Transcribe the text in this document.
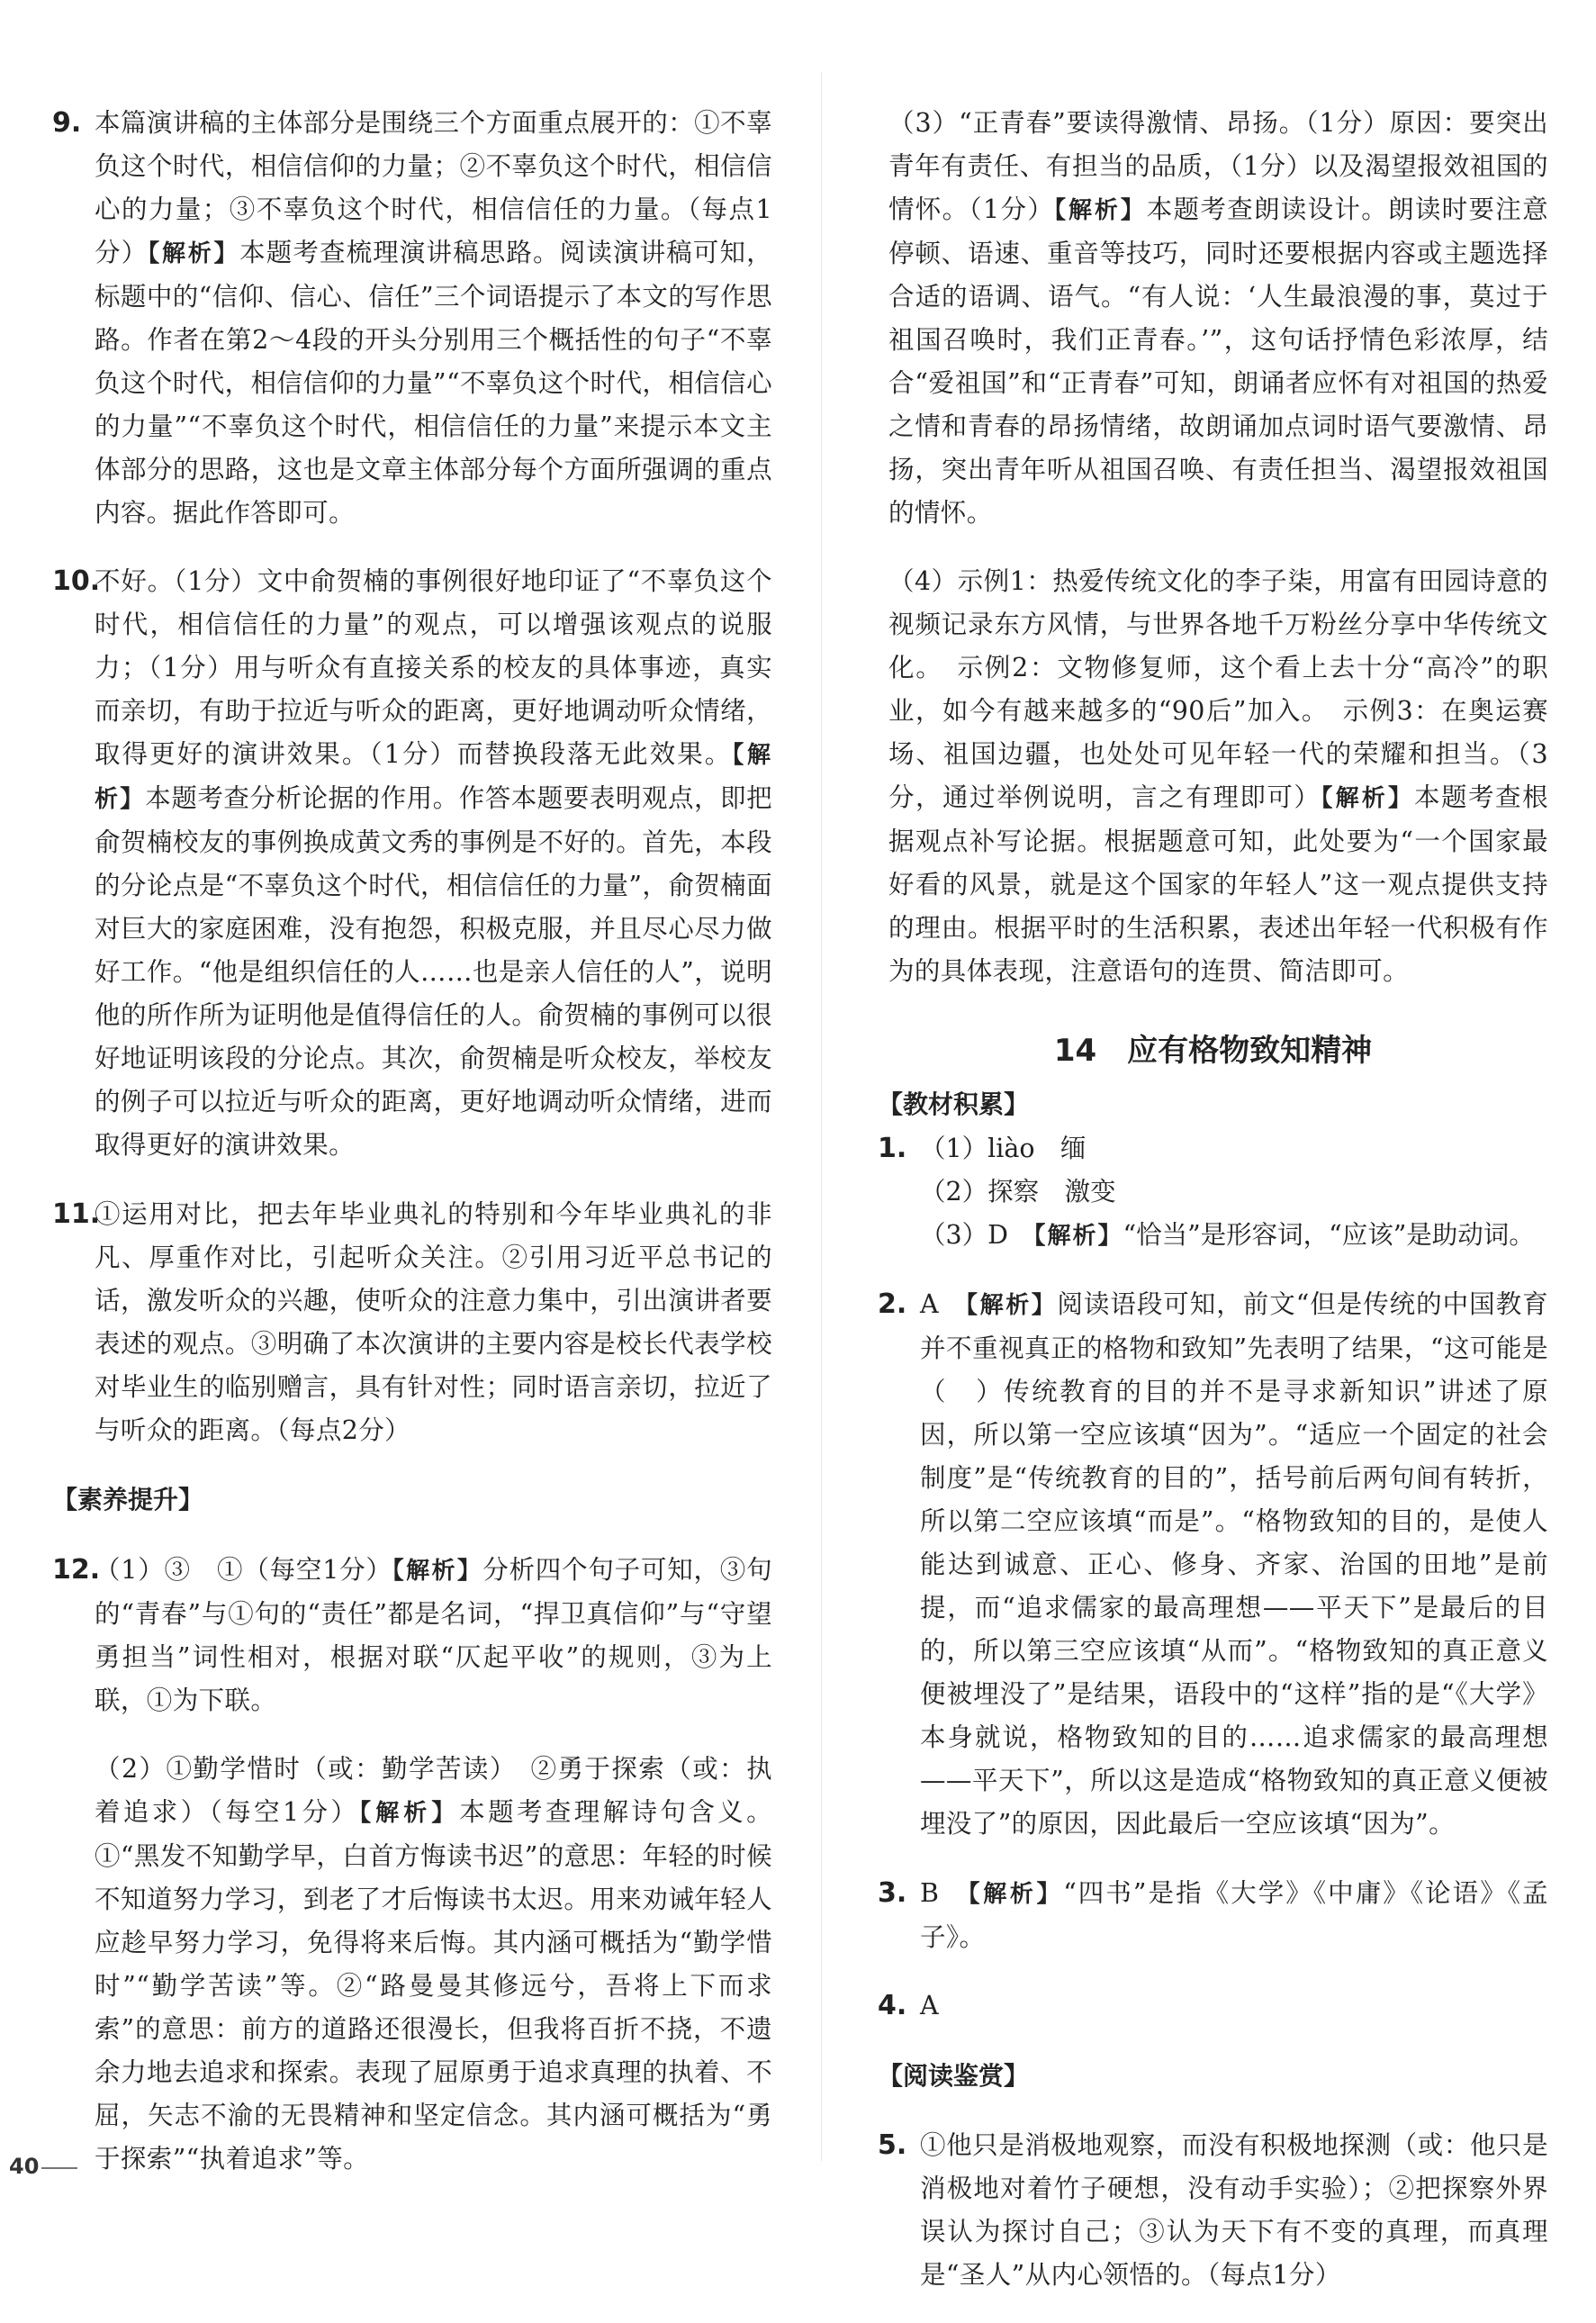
9. 本篇演讲稿的主体部分是围绕三个方面重点展开的：①不辜负这个时代，相信信仰的力量；②不辜负这个时代，相信信心的力量；③不辜负这个时代，相信信任的力量。（每点1分）【解析】本题考查梳理演讲稿思路。阅读演讲稿可知，标题中的“信仰、信心、信任”三个词语提示了本文的写作思路。作者在第2～4段的开头分别用三个概括性的句子“不辜负这个时代，相信信仰的力量”“不辜负这个时代，相信信心的力量”“不辜负这个时代，相信信任的力量”来提示本文主体部分的思路，这也是文章主体部分每个方面所强调的重点内容。据此作答即可。

10.

不好。（1分）文中俞贺楠的事例很好地印证了“不辜负这个时代，相信信任的力量”的观点，可以增强该观点的说服力；（1分）用与听众有直接关系的校友的具体事迹，真实而亲切，有助于拉近与听众的距离，更好地调动听众情绪，取得更好的演讲效果。（1分）而替换段落无此效果。【解析】本题考查分析论据的作用。作答本题要表明观点，即把俞贺楠校友的事例换成黄文秀的事例是不好的。首先，本段的分论点是“不辜负这个时代，相信信任的力量”，俞贺楠面对巨大的家庭困难，没有抱怨，积极克服，并且尽心尽力做好工作。“他是组织信任的人……也是亲人信任的人”，说明他的所作所为证明他是值得信任的人。俞贺楠的事例可以很好地证明该段的分论点。其次，俞贺楠是听众校友，举校友的例子可以拉近与听众的距离，更好地调动听众情绪，进而取得更好的演讲效果。

11.

①运用对比，把去年毕业典礼的特别和今年毕业典礼的非凡、厚重作对比，引起听众关注。②引用习近平总书记的话，激发听众的兴趣，使听众的注意力集中，引出演讲者要表述的观点。③明确了本次演讲的主要内容是校长代表学校对毕业生的临别赠言，具有针对性；同时语言亲切，拉近了与听众的距离。（每点2分）

【素养提升】

12.

（1）③　①（每空1分）【解析】分析四个句子可知，③句的“青春”与①句的“责任”都是名词，“捍卫真信仰”与“守望勇担当”词性相对，根据对联“仄起平收”的规则，③为上联，①为下联。

（2）①勤学惜时（或：勤学苦读）　②勇于探索（或：执着追求）（每空1分）【解析】本题考查理解诗句含义。①“黑发不知勤学早，白首方悔读书迟”的意思：年轻的时候不知道努力学习，到老了才后悔读书太迟。用来劝诫年轻人应趁早努力学习，免得将来后悔。其内涵可概括为“勤学惜时”“勤学苦读”等。②“路曼曼其修远兮，吾将上下而求索”的意思：前方的道路还很漫长，但我将百折不挠，不遗余力地去追求和探索。表现了屈原勇于追求真理的执着、不屈，矢志不渝的无畏精神和坚定信念。其内涵可概括为“勇于探索”“执着追求”等。

（3）“正青春”要读得激情、昂扬。（1分）原因：要突出青年有责任、有担当的品质，（1分）以及渴望报效祖国的情怀。（1分）【解析】本题考查朗读设计。朗读时要注意停顿、语速、重音等技巧，同时还要根据内容或主题选择合适的语调、语气。“有人说：‘人生最浪漫的事，莫过于祖国召唤时，我们正青春。’”，这句话抒情色彩浓厚，结合“爱祖国”和“正青春”可知，朗诵者应怀有对祖国的热爱之情和青春的昂扬情绪，故朗诵加点词时语气要激情、昂扬，突出青年听从祖国召唤、有责任担当、渴望报效祖国的情怀。

（4）示例1：热爱传统文化的李子柒，用富有田园诗意的视频记录东方风情，与世界各地千万粉丝分享中华传统文化。　示例2：文物修复师，这个看上去十分“高冷”的职业，如今有越来越多的“90后”加入。　示例3：在奥运赛场、祖国边疆，也处处可见年轻一代的荣耀和担当。（3分，通过举例说明，言之有理即可）【解析】本题考查根据观点补写论据。根据题意可知，此处要为“一个国家最好看的风景，就是这个国家的年轻人”这一观点提供支持的理由。根据平时的生活积累，表述出年轻一代积极有作为的具体表现，注意语句的连贯、简洁即可。

14　应有格物致知精神

【教材积累】

1. （1）liào　缅

（2）探察　激变

（3）D　 【解析】“恰当”是形容词，“应该”是助动词。

2. A　 【解析】阅读语段可知，前文“但是传统的中国教育并不重视真正的格物和致知”先表明了结果，“这可能是（　）传统教育的目的并不是寻求新知识”讲述了原因，所以第一空应该填“因为”。“适应一个固定的社会制度”是“传统教育的目的”，括号前后两句间有转折，所以第二空应该填“而是”。“格物致知的目的，是使人能达到诚意、正心、修身、齐家、治国的田地”是前提，而“追求儒家的最高理想——平天下”是最后的目的，所以第三空应该填“从而”。“格物致知的真正意义便被埋没了”是结果，语段中的“这样”指的是“《大学》本身就说，格物致知的目的……追求儒家的最高理想——平天下”，所以这是造成“格物致知的真正意义便被埋没了”的原因，因此最后一空应该填“因为”。

3. B　 【解析】“四书”是指《大学》《中庸》《论语》《孟子》。

4. A

【阅读鉴赏】

5. ①他只是消极地观察，而没有积极地探测（或：他只是消极地对着竹子硬想，没有动手实验）；②把探察外界误认为探讨自己；③认为天下有不变的真理，而真理是“圣人”从内心领悟的。（每点1分）

40
